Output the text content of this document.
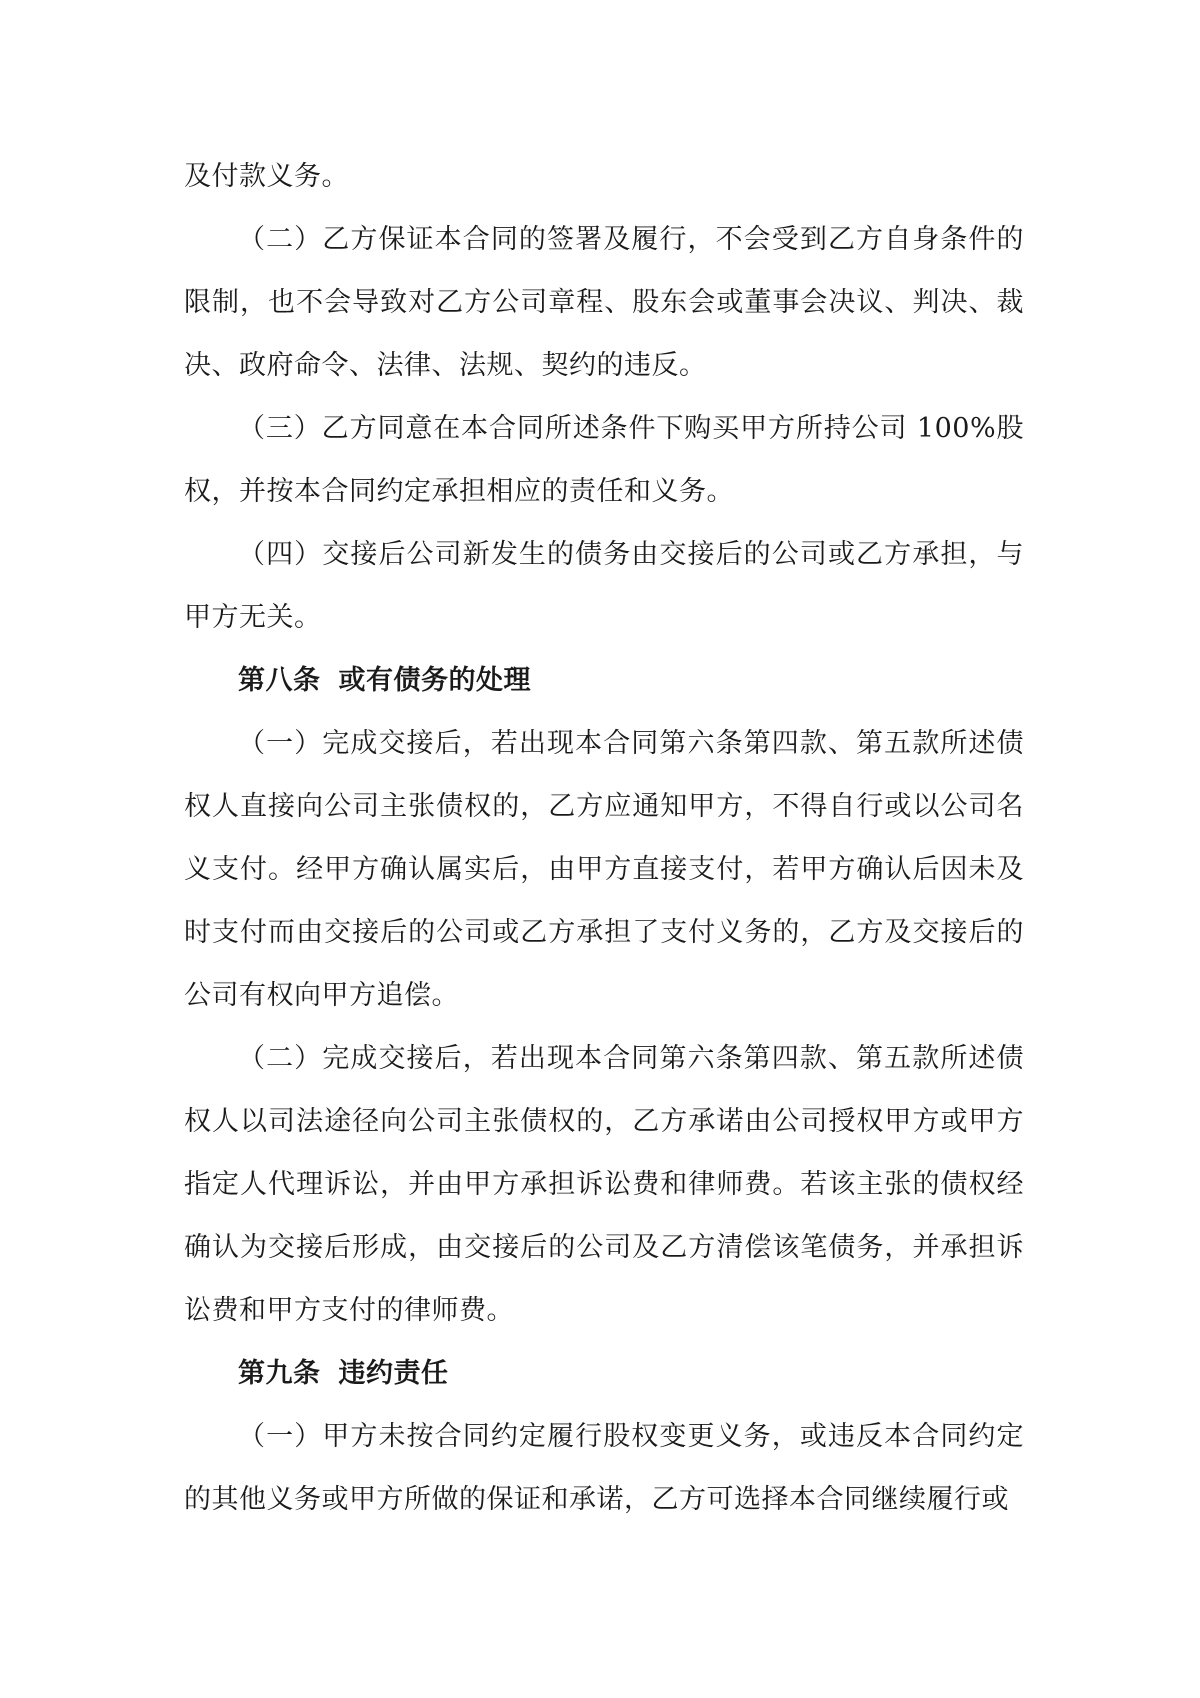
及付款义务。

（二）乙方保证本合同的签署及履行，不会受到乙方自身条件的限制，也不会导致对乙方公司章程、股东会或董事会决议、判决、裁决、政府命令、法律、法规、契约的违反。

（三）乙方同意在本合同所述条件下购买甲方所持公司 100%股权，并按本合同约定承担相应的责任和义务。

（四）交接后公司新发生的债务由交接后的公司或乙方承担，与甲方无关。

第八条 或有债务的处理

（一）完成交接后，若出现本合同第六条第四款、第五款所述债权人直接向公司主张债权的，乙方应通知甲方，不得自行或以公司名义支付。经甲方确认属实后，由甲方直接支付，若甲方确认后因未及时支付而由交接后的公司或乙方承担了支付义务的，乙方及交接后的公司有权向甲方追偿。

（二）完成交接后，若出现本合同第六条第四款、第五款所述债权人以司法途径向公司主张债权的，乙方承诺由公司授权甲方或甲方指定人代理诉讼，并由甲方承担诉讼费和律师费。若该主张的债权经确认为交接后形成，由交接后的公司及乙方清偿该笔债务，并承担诉讼费和甲方支付的律师费。

第九条 违约责任

（一）甲方未按合同约定履行股权变更义务，或违反本合同约定的其他义务或甲方所做的保证和承诺，乙方可选择本合同继续履行或
